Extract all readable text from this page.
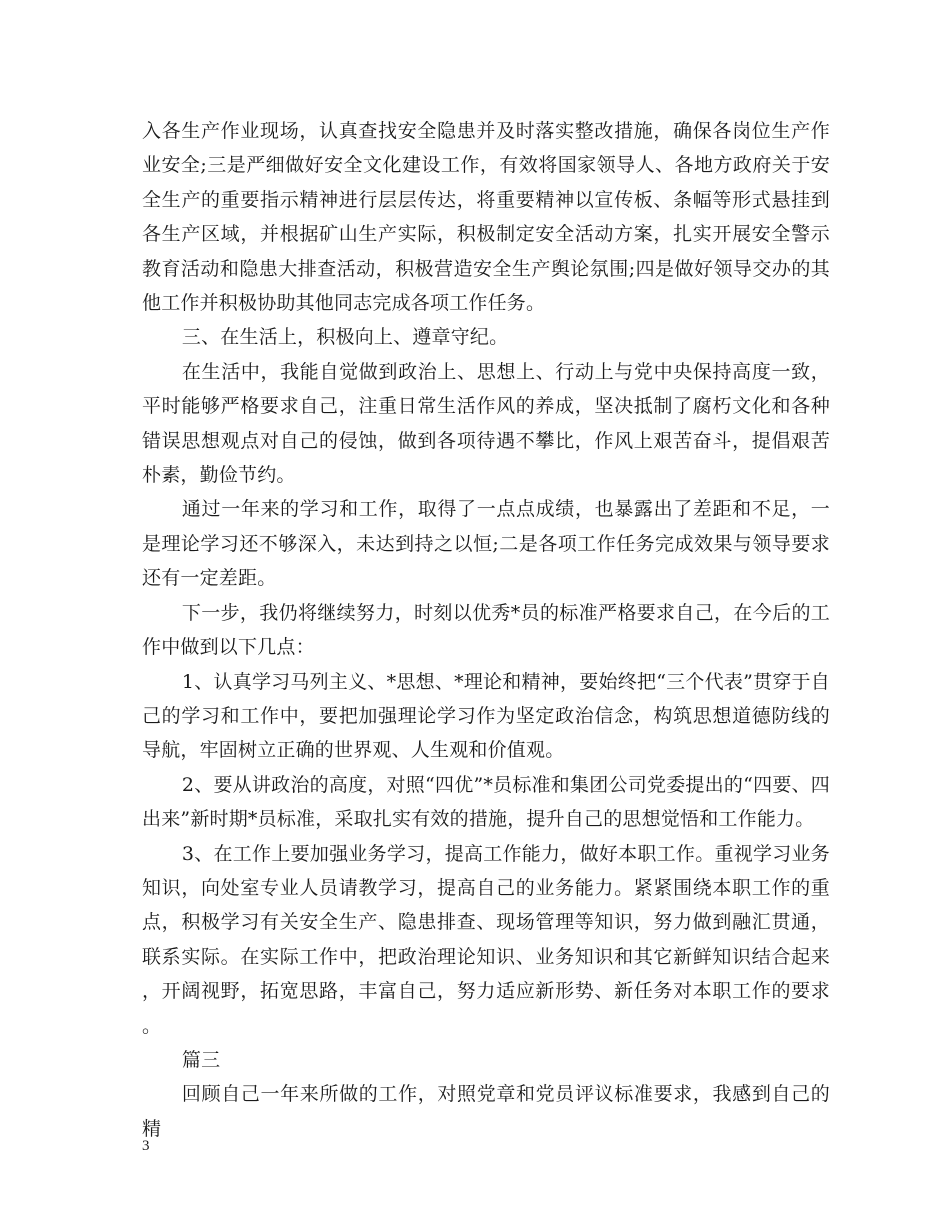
入各生产作业现场，认真查找安全隐患并及时落实整改措施，确保各岗位生产作业安全;三是严细做好安全文化建设工作，有效将国家领导人、各地方政府关于安全生产的重要指示精神进行层层传达，将重要精神以宣传板、条幅等形式悬挂到各生产区域，并根据矿山生产实际，积极制定安全活动方案，扎实开展安全警示教育活动和隐患大排查活动，积极营造安全生产舆论氛围;四是做好领导交办的其他工作并积极协助其他同志完成各项工作任务。

三、在生活上，积极向上、遵章守纪。

在生活中，我能自觉做到政治上、思想上、行动上与党中央保持高度一致，平时能够严格要求自己，注重日常生活作风的养成，坚决抵制了腐朽文化和各种错误思想观点对自己的侵蚀，做到各项待遇不攀比，作风上艰苦奋斗，提倡艰苦朴素，勤俭节约。

通过一年来的学习和工作，取得了一点点成绩，也暴露出了差距和不足，一是理论学习还不够深入，未达到持之以恒;二是各项工作任务完成效果与领导要求还有一定差距。

下一步，我仍将继续努力，时刻以优秀*员的标准严格要求自己，在今后的工作中做到以下几点：

1、认真学习马列主义、*思想、*理论和精神，要始终把“三个代表”贯穿于自己的学习和工作中，要把加强理论学习作为坚定政治信念，构筑思想道德防线的导航，牢固树立正确的世界观、人生观和价值观。

2、要从讲政治的高度，对照“四优”*员标准和集团公司党委提出的“四要、四出来”新时期*员标准，采取扎实有效的措施，提升自己的思想觉悟和工作能力。

3、在工作上要加强业务学习，提高工作能力，做好本职工作。重视学习业务知识，向处室专业人员请教学习，提高自己的业务能力。紧紧围绕本职工作的重点，积极学习有关安全生产、隐患排查、现场管理等知识，努力做到融汇贯通，联系实际。在实际工作中，把政治理论知识、业务知识和其它新鲜知识结合起来，开阔视野，拓宽思路，丰富自己，努力适应新形势、新任务对本职工作的要求。

篇三

回顾自己一年来所做的工作，对照党章和党员评议标准要求，我感到自己的精

3
